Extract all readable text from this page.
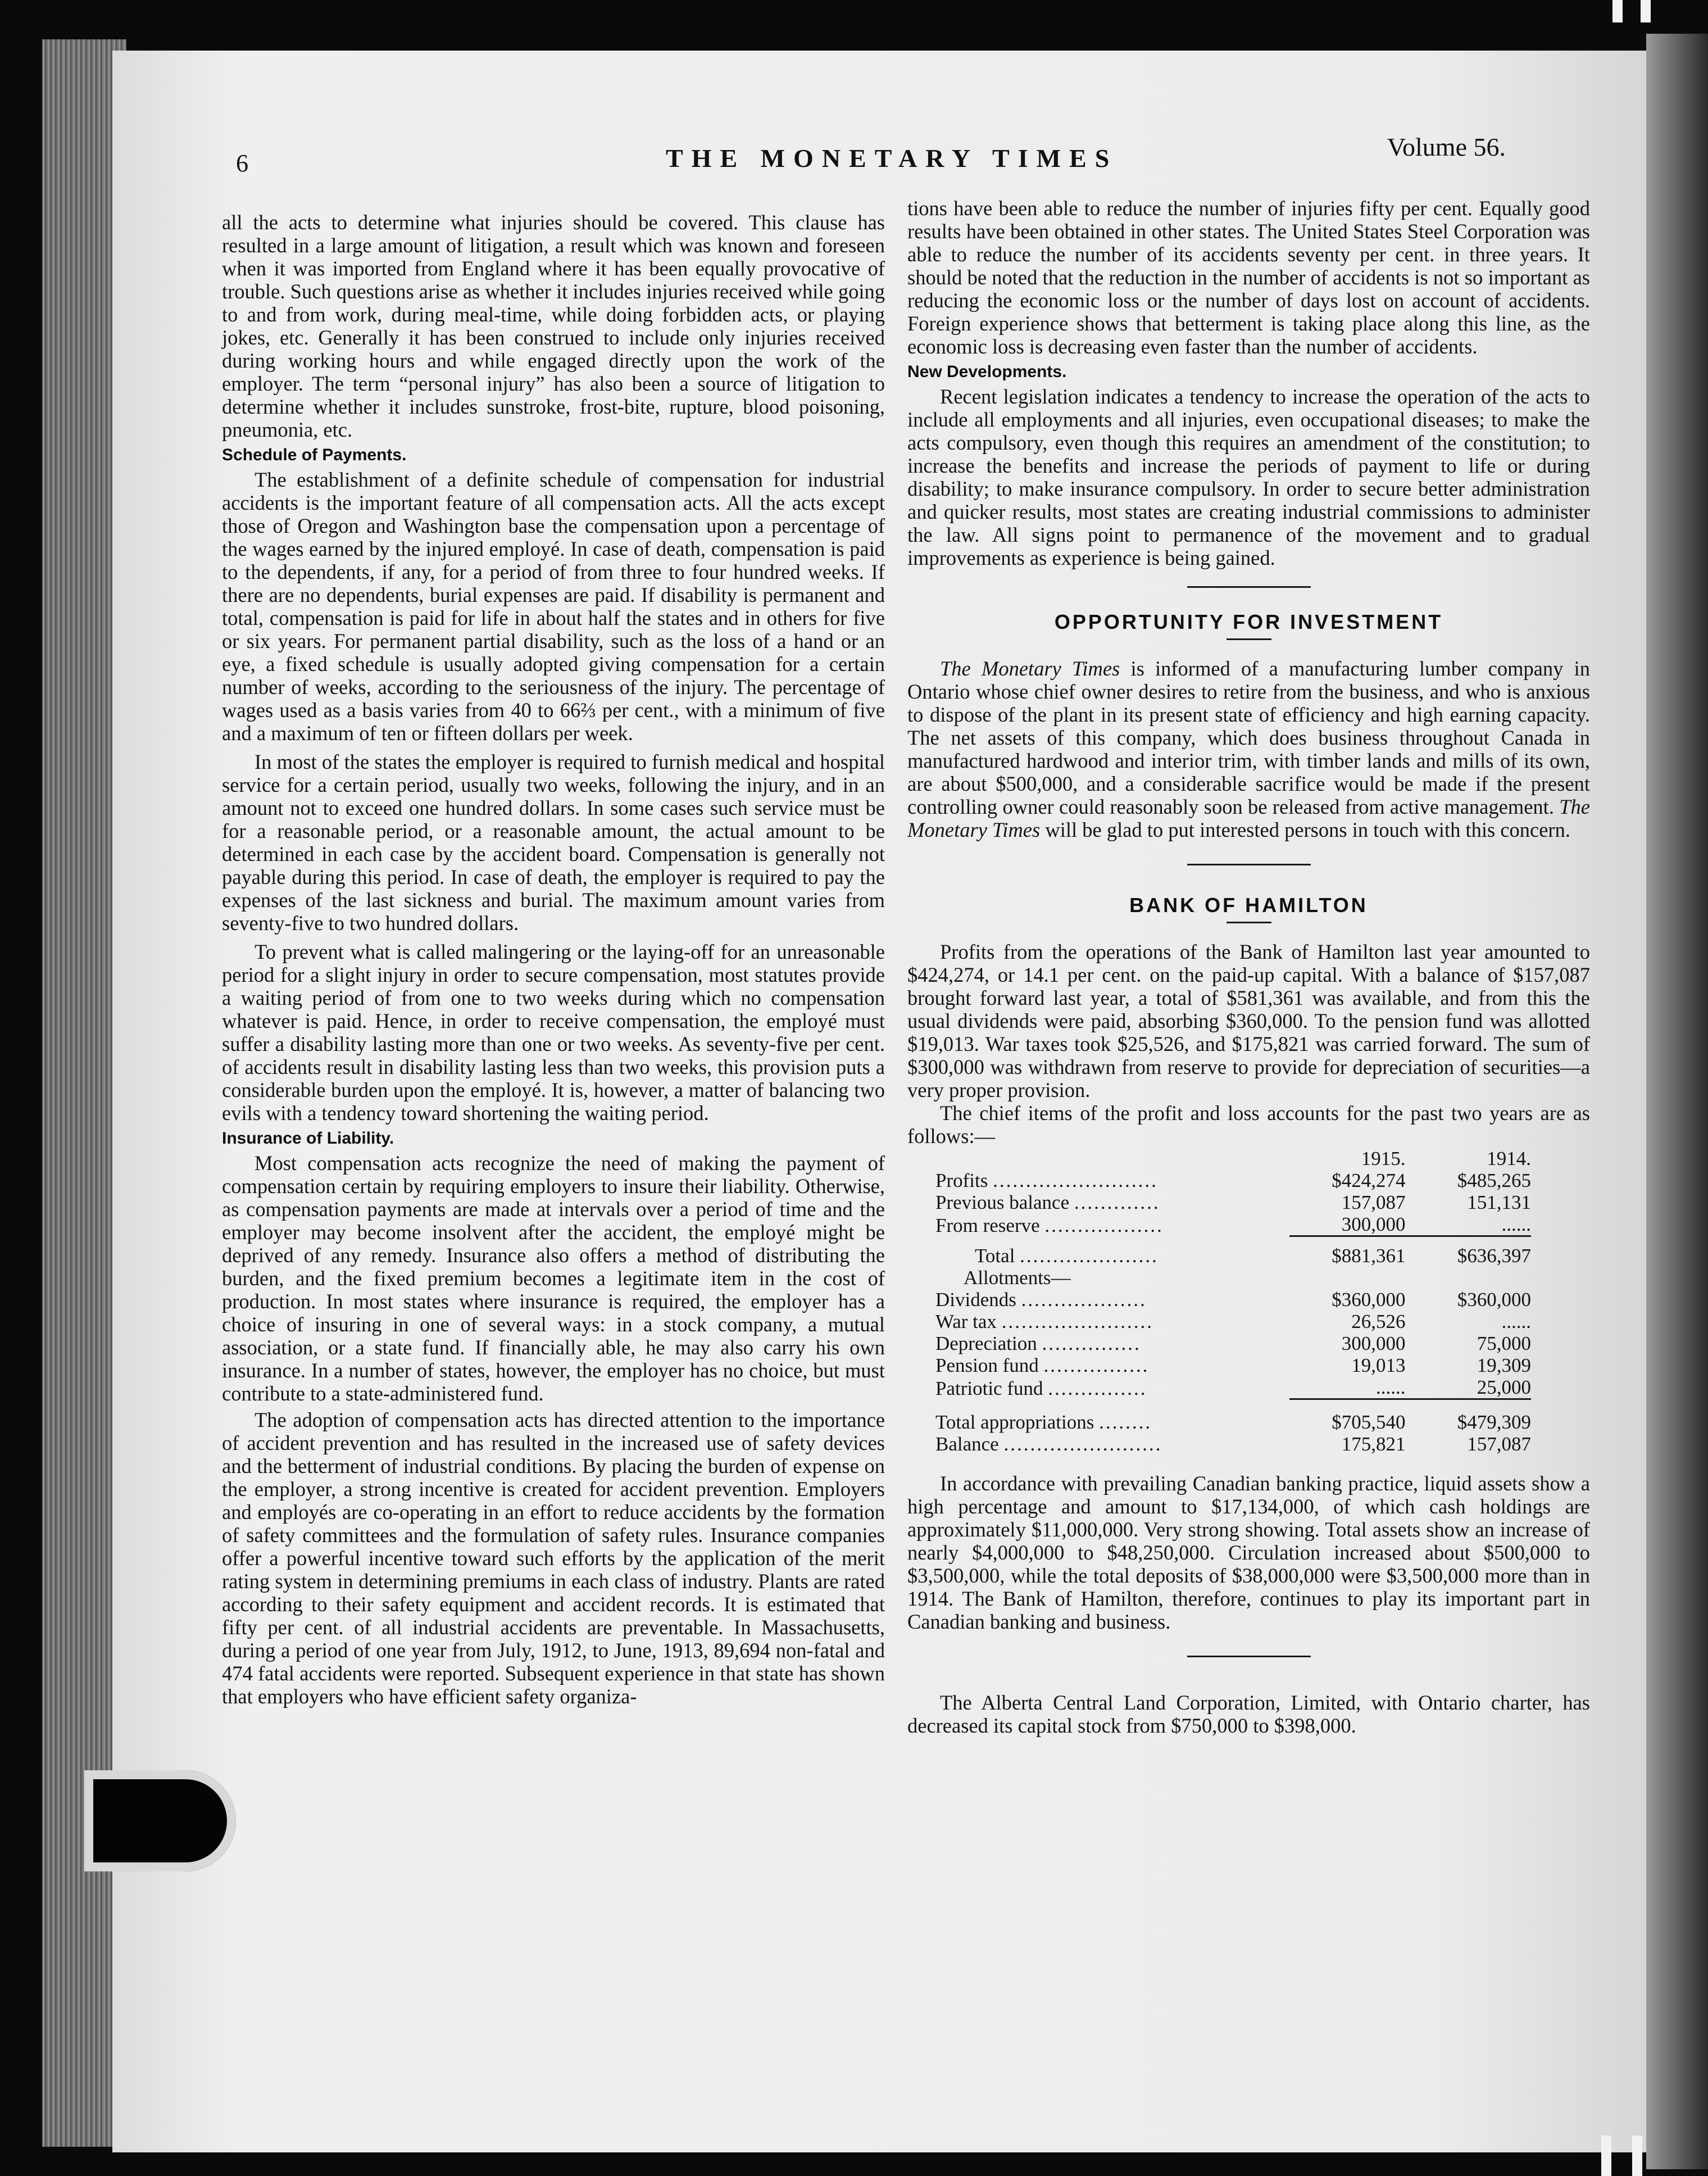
6	THE MONETARY TIMES	Volume 56.

all the acts to determine what injuries should be covered. This clause has resulted in a large amount of litigation, a result which was known and foreseen when it was imported from England where it has been equally provocative of trouble. Such questions arise as whether it includes injuries received while going to and from work, during meal-time, while doing forbidden acts, or playing jokes, etc. Generally it has been construed to include only injuries received during working hours and while engaged directly upon the work of the employer. The term “personal injury” has also been a source of litigation to determine whether it includes sunstroke, frost-bite, rupture, blood poisoning, pneumonia, etc.

Schedule of Payments.

The establishment of a definite schedule of compensation for industrial accidents is the important feature of all compensation acts. All the acts except those of Oregon and Washington base the compensation upon a percentage of the wages earned by the injured employé. In case of death, compensation is paid to the dependents, if any, for a period of from three to four hundred weeks. If there are no dependents, burial expenses are paid. If disability is permanent and total, compensation is paid for life in about half the states and in others for five or six years. For permanent partial disability, such as the loss of a hand or an eye, a fixed schedule is usually adopted giving compensation for a certain number of weeks, according to the seriousness of the injury. The percentage of wages used as a basis varies from 40 to 66⅔ per cent., with a minimum of five and a maximum of ten or fifteen dollars per week.

In most of the states the employer is required to furnish medical and hospital service for a certain period, usually two weeks, following the injury, and in an amount not to exceed one hundred dollars. In some cases such service must be for a reasonable period, or a reasonable amount, the actual amount to be determined in each case by the accident board. Compensation is generally not payable during this period. In case of death, the employer is required to pay the expenses of the last sickness and burial. The maximum amount varies from seventy-five to two hundred dollars.

To prevent what is called malingering or the laying-off for an unreasonable period for a slight injury in order to secure compensation, most statutes provide a waiting period of from one to two weeks during which no compensation whatever is paid. Hence, in order to receive compensation, the employé must suffer a disability lasting more than one or two weeks. As seventy-five per cent. of accidents result in disability lasting less than two weeks, this provision puts a considerable burden upon the employé. It is, however, a matter of balancing two evils with a tendency toward shortening the waiting period.

Insurance of Liability.

Most compensation acts recognize the need of making the payment of compensation certain by requiring employers to insure their liability. Otherwise, as compensation payments are made at intervals over a period of time and the employer may become insolvent after the accident, the employé might be deprived of any remedy. Insurance also offers a method of distributing the burden, and the fixed premium becomes a legitimate item in the cost of production. In most states where insurance is required, the employer has a choice of insuring in one of several ways: in a stock company, a mutual association, or a state fund. If financially able, he may also carry his own insurance. In a number of states, however, the employer has no choice, but must contribute to a state-administered fund.

The adoption of compensation acts has directed attention to the importance of accident prevention and has resulted in the increased use of safety devices and the betterment of industrial conditions. By placing the burden of expense on the employer, a strong incentive is created for accident prevention. Employers and employés are co-operating in an effort to reduce accidents by the formation of safety committees and the formulation of safety rules. Insurance companies offer a powerful incentive toward such efforts by the application of the merit rating system in determining premiums in each class of industry. Plants are rated according to their safety equipment and accident records. It is estimated that fifty per cent. of all industrial accidents are preventable. In Massachusetts, during a period of one year from July, 1912, to June, 1913, 89,694 non-fatal and 474 fatal accidents were reported. Subsequent experience in that state has shown that employers who have efficient safety organiza-

tions have been able to reduce the number of injuries fifty per cent. Equally good results have been obtained in other states. The United States Steel Corporation was able to reduce the number of its accidents seventy per cent. in three years. It should be noted that the reduction in the number of accidents is not so important as reducing the economic loss or the number of days lost on account of accidents. Foreign experience shows that betterment is taking place along this line, as the economic loss is decreasing even faster than the number of accidents.

New Developments.

Recent legislation indicates a tendency to increase the operation of the acts to include all employments and all injuries, even occupational diseases; to make the acts compulsory, even though this requires an amendment of the constitution; to increase the benefits and increase the periods of payment to life or during disability; to make insurance compulsory. In order to secure better administration and quicker results, most states are creating industrial commissions to administer the law. All signs point to permanence of the movement and to gradual improvements as experience is being gained.

OPPORTUNITY FOR INVESTMENT

The Monetary Times is informed of a manufacturing lumber company in Ontario whose chief owner desires to retire from the business, and who is anxious to dispose of the plant in its present state of efficiency and high earning capacity. The net assets of this company, which does business throughout Canada in manufactured hardwood and interior trim, with timber lands and mills of its own, are about $500,000, and a considerable sacrifice would be made if the present controlling owner could reasonably soon be released from active management. The Monetary Times will be glad to put interested persons in touch with this concern.

BANK OF HAMILTON

Profits from the operations of the Bank of Hamilton last year amounted to $424,274, or 14.1 per cent. on the paid-up capital. With a balance of $157,087 brought forward last year, a total of $581,361 was available, and from this the usual dividends were paid, absorbing $360,000. To the pension fund was allotted $19,013. War taxes took $25,526, and $175,821 was carried forward. The sum of $300,000 was withdrawn from reserve to provide for depreciation of securities—a very proper provision.

The chief items of the profit and loss accounts for the past two years are as follows:—

	1915.	1914.
Profits .........................	$424,274	$485,265
Previous balance .............	157,087	151,131
From reserve ..................	300,000	......
Total .....................	$881,361	$636,397
Allotments—		
Dividends ...................	$360,000	$360,000
War tax .......................	26,526	......
Depreciation ...............	300,000	75,000
Pension fund ................	19,013	19,309
Patriotic fund ...............	......	25,000
Total appropriations ........	$705,540	$479,309
Balance ........................	175,821	157,087

In accordance with prevailing Canadian banking practice, liquid assets show a high percentage and amount to $17,134,000, of which cash holdings are approximately $11,000,000. Very strong showing. Total assets show an increase of nearly $4,000,000 to $48,250,000. Circulation increased about $500,000 to $3,500,000, while the total deposits of $38,000,000 were $3,500,000 more than in 1914. The Bank of Hamilton, therefore, continues to play its important part in Canadian banking and business.

The Alberta Central Land Corporation, Limited, with Ontario charter, has decreased its capital stock from $750,000 to $398,000.
